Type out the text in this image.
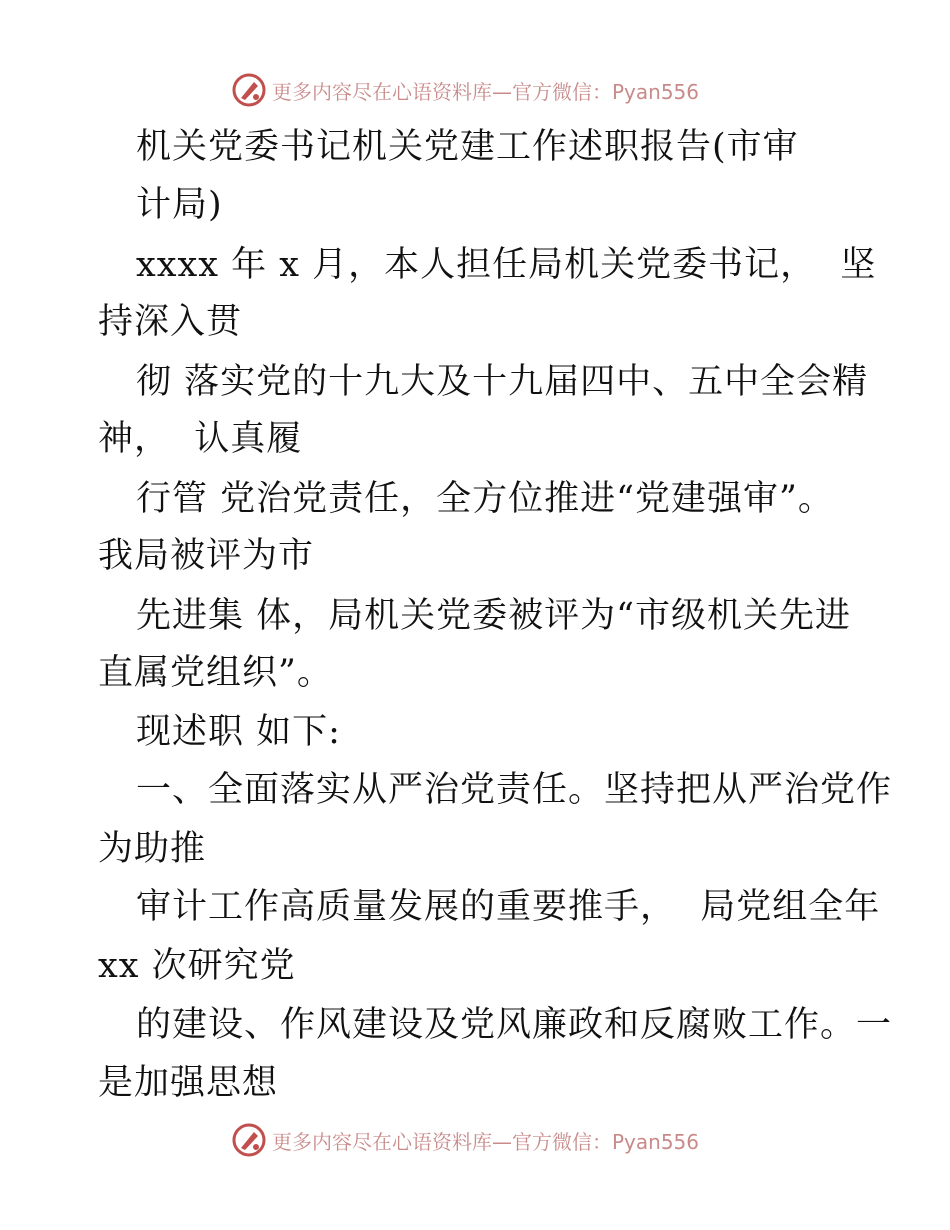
更多内容尽在心语资料库—官方微信：Pyan556
机关党委书记机关党建工作述职报告(市审
计局)
xxxx 年 x 月，本人担任局机关党委书记，  坚
持深入贯
彻 落实党的十九大及十九届四中、五中全会精
神，  认真履
行管 党治党责任，全方位推进“党建强审”。
我局被评为市
先进集 体，局机关党委被评为“市级机关先进
直属党组织”。
现述职 如下:
一、全面落实从严治党责任。坚持把从严治党作
为助推
审计工作高质量发展的重要推手，  局党组全年
xx 次研究党
的建设、作风建设及党风廉政和反腐败工作。一
是加强思想
更多内容尽在心语资料库—官方微信：Pyan556
